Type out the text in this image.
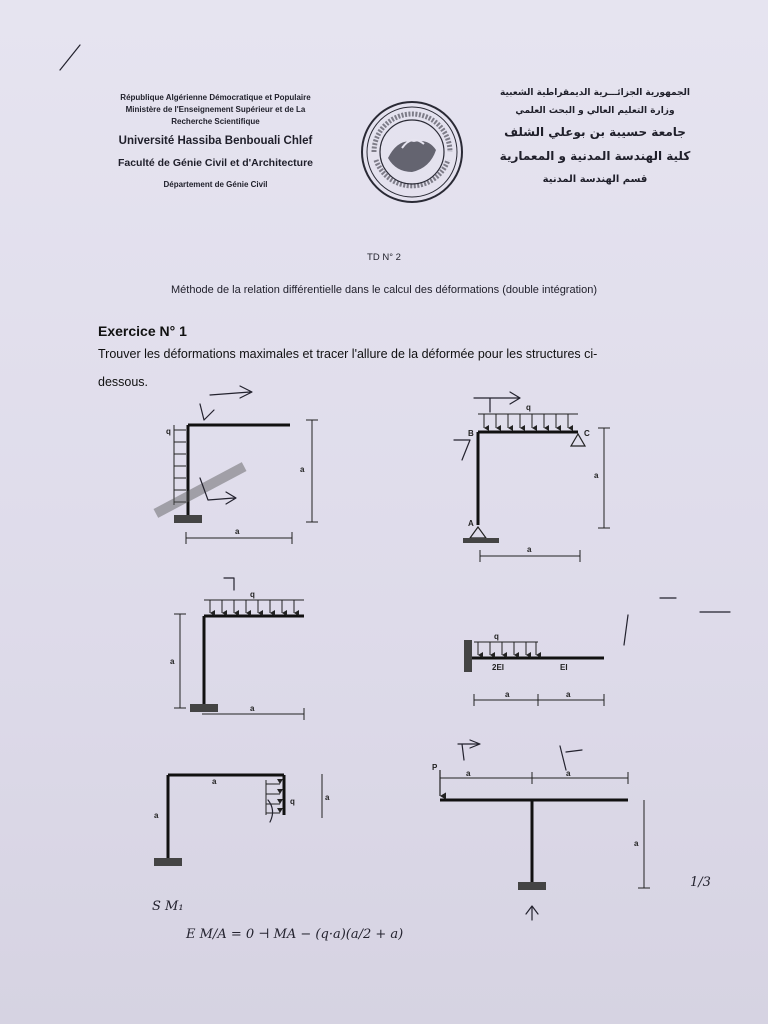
République Algérienne Démocratique et Populaire
Ministère de l'Enseignement Supérieur et de La
Recherche Scientifique
Université Hassiba Benbouali Chlef
Faculté de Génie Civil et d'Architecture
Département de Génie Civil
الجمهورية الجزائـــرية الديمقراطية الشعبية
وزارة التعليم العالي و البحث العلمي
جامعة حسيبة بن بوعلي الشلف
كلية الهندسة المدنية و المعمارية
قسم الهندسة المدنية
TD N° 2
Méthode de la relation différentielle dans le calcul des déformations (double intégration)
Exercice N° 1
Trouver les déformations maximales et tracer l'allure de la déformée pour les structures ci-
dessous.
q
a
a
q
B	C
A
a
a
q
a
a
q
2EI	EI
a	a
q
a
a
a
P
a	a
a
S M₁
E M/A = 0 ⊣ MA − (q·a)(a/2 + a)
1/3
